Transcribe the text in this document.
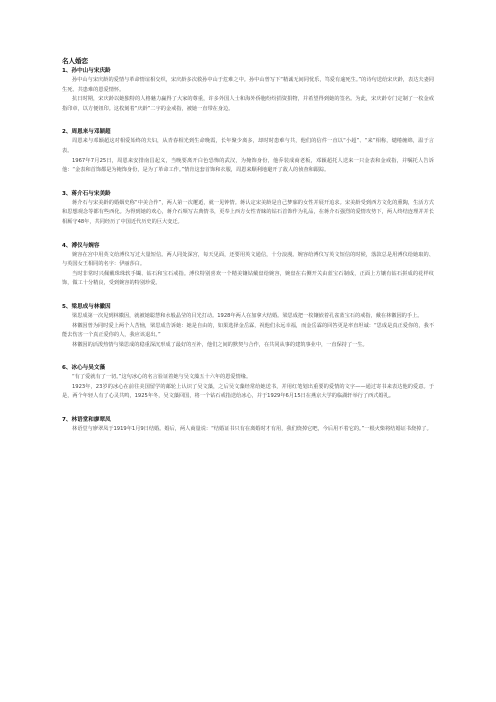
名人婚恋
1、孙中山与宋庆龄

孙中山与宋庆龄的爱情与革命情谊相交织，宋庆龄多次救孙中山于危难之中。孙中山曾写下“精诚无间同忧乐，笃爱有逾死生。”的诗句送给宋庆龄，表达夫妻同生死、共患难的恩爱情怀。

抗日时期，宋庆龄以她独特的人格魅力赢得了大家的尊重，许多外国人士和海外侨胞纷纷捐资捐物，并希望得到她的签名。为此，宋庆龄专门定制了一枚金戒指印章，以方便钮印。这枚刻着“庆龄”二字的金戒指，被她一直带在身边。

2、周恩来与邓颖超

周恩来与邓颖超这对相爱始终的夫妇，从青春相光到生命晚霞，长年聚少离多，却时时患难与共，他们的信件一直以“小超”、“来”相称，缱绻缠绵，温于言表。

1967年7月25日，周恩来安排南昌起义，当晚要离开白色恐怖的武汉，为掩饰身份，他乔装成商老板，邓颖超托人送来一只金表和金戒指，并嘱托人告诉他：“金表和首饰都是为掩饰身份，是为了革命工作。”情肯这套首饰和衣服，周恩来顺利地避开了敌人的侦查和跟踪。

3、蒋介石与宋美龄

蒋介石与宋美龄的婚姻史称“中美合作”，两人第一次邂逅，就一见钟情。蒋认定宋美龄是自己梦寐的女性并展开追求。宋美龄受到西方文化的熏陶，生活方式和思想观念等都有些西化。为得到她的欢心，蒋介石频写古典情书，更奉上西方女性青睐的钻石首饰作为礼品，在蒋介石强烈的爱情攻势下，两人终结连理并并长相厮守48年，共同经历了中国近代历史的巨大变迁。

4、溥仪与婉容

婉容在宫中用英文给溥仪写过大量短信。两人同处深宫，每天见面，还要用英文通信，十分浪漫。婉容给溥仪写英文短信的时候，落款总是用溥仪给她取的、与英国女王相同的名字：伊丽莎白。

当时非常时兴佩戴珠珠软手镯、钻石和宝石戒指。溥仪特别喜欢一个精美镶钻戴盘给婉容，婉盘在右侧开关由蓝宝石制成，正面上方镶有钻石拼成的花样纹饰，做工十分精良，受到婉容的特别珍爱。

5、梁思成与林徽因

梁思成第一次见到林徽因，就被她聪慧和水般晶莹的目光打动。1928年两人在加拿大结婚。梁思成把一枚镶嵌着孔雀蓝宝石的戒指，戴在林徽因的手上。

林徽因曾为同时爱上两个人苦恼，梁思成告诉她：她是自由的，如果选择金岳霖，祝他们永远幸福，而金岳霖的回答更是率直坦诚：“思成是真正爱你的，我不能去伤害一个真正爱你的人，我应该退出。”

林徽因的活泼热情与梁思成的稳重深沉形成了最好的互补，他们之间的默契与合作，在共同从事的建筑事业中，一直保持了一生。

6、冰心与吴文藻

“有了爱就有了一切。”这句冰心的名言验证着她与吴文藻五十六年的恩爱情缘。

1923年，23岁的冰心在前往美国留学的邮轮上认识了吴文藻，之后吴文藻经常给她送书，并用红笔划出重要的爱情的文字——通过寄书来表达他的爱意。于是，两个年轻人有了心灵共鸣，1925年冬，吴文藻回国，将一个钻石戒指送给冰心，并于1929年6月15日在燕京大学的临湖轩举行了西式婚礼。

7、林语堂和廖翠凤

林语堂与廖翠凤于1919年1月9日结婚。婚后，两人商量说：“结婚证书只有在离婚时才有用，我们烧掉它吧，今后用不着它的。”一根火柴将结婚证书烧掉了。
